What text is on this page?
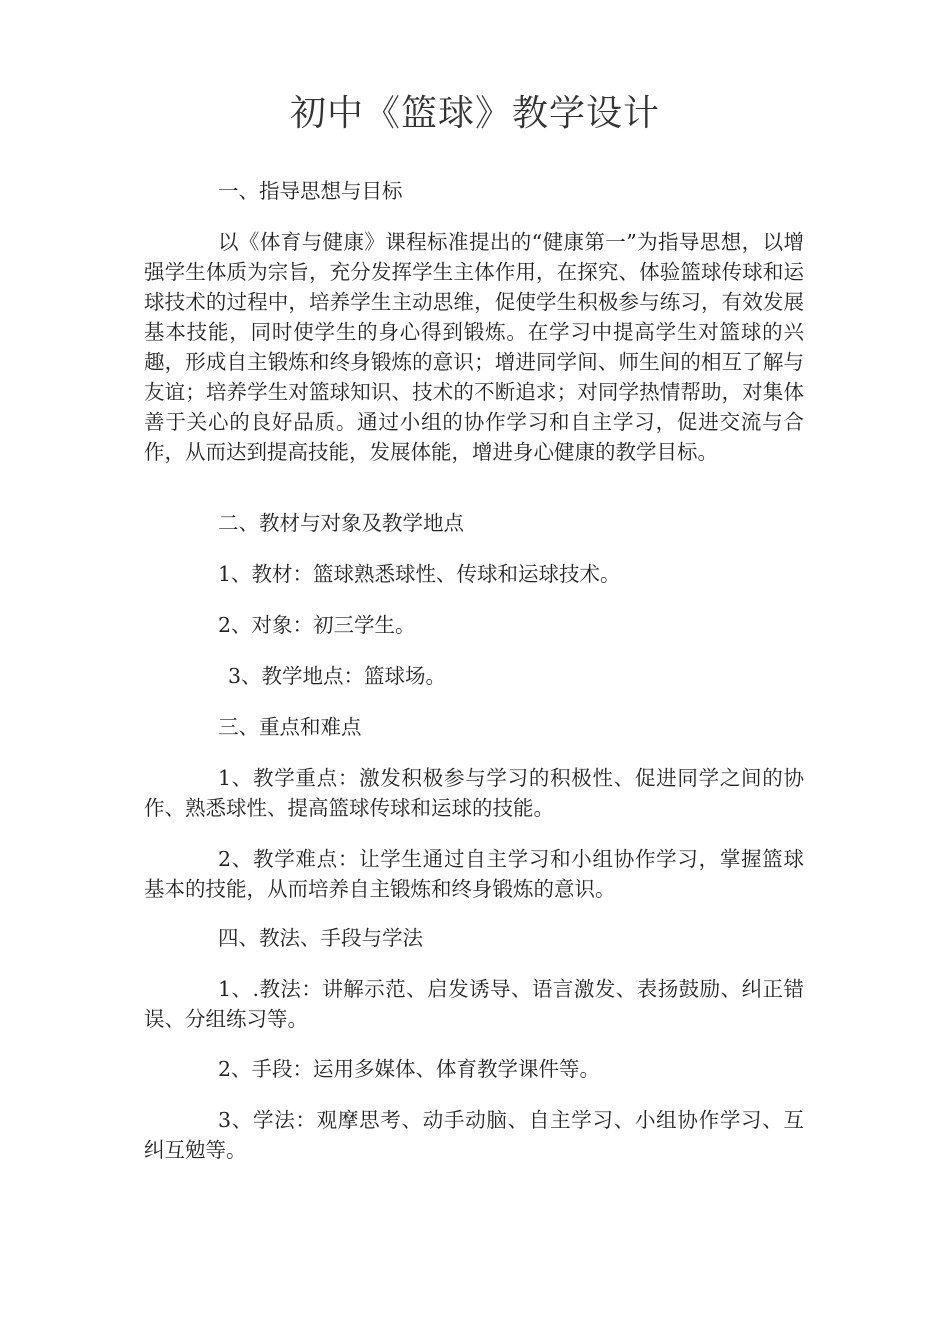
初中《篮球》教学设计
一、指导思想与目标
以《体育与健康》课程标准提出的“健康第一”为指导思想，以增强学生体质为宗旨，充分发挥学生主体作用，在探究、体验篮球传球和运球技术的过程中，培养学生主动思维，促使学生积极参与练习，有效发展基本技能，同时使学生的身心得到锻炼。在学习中提高学生对篮球的兴趣，形成自主锻炼和终身锻炼的意识；增进同学间、师生间的相互了解与友谊；培养学生对篮球知识、技术的不断追求；对同学热情帮助，对集体善于关心的良好品质。通过小组的协作学习和自主学习，促进交流与合作，从而达到提高技能，发展体能，增进身心健康的教学目标。
二、教材与对象及教学地点
1、教材：篮球熟悉球性、传球和运球技术。
2、对象：初三学生。
3、教学地点：篮球场。
三、重点和难点
1、教学重点：激发积极参与学习的积极性、促进同学之间的协作、熟悉球性、提高篮球传球和运球的技能。
2、教学难点：让学生通过自主学习和小组协作学习，掌握篮球基本的技能，从而培养自主锻炼和终身锻炼的意识。
四、教法、手段与学法
1、.教法：讲解示范、启发诱导、语言激发、表扬鼓励、纠正错误、分组练习等。
2、手段：运用多媒体、体育教学课件等。
3、学法：观摩思考、动手动脑、自主学习、小组协作学习、互纠互勉等。
